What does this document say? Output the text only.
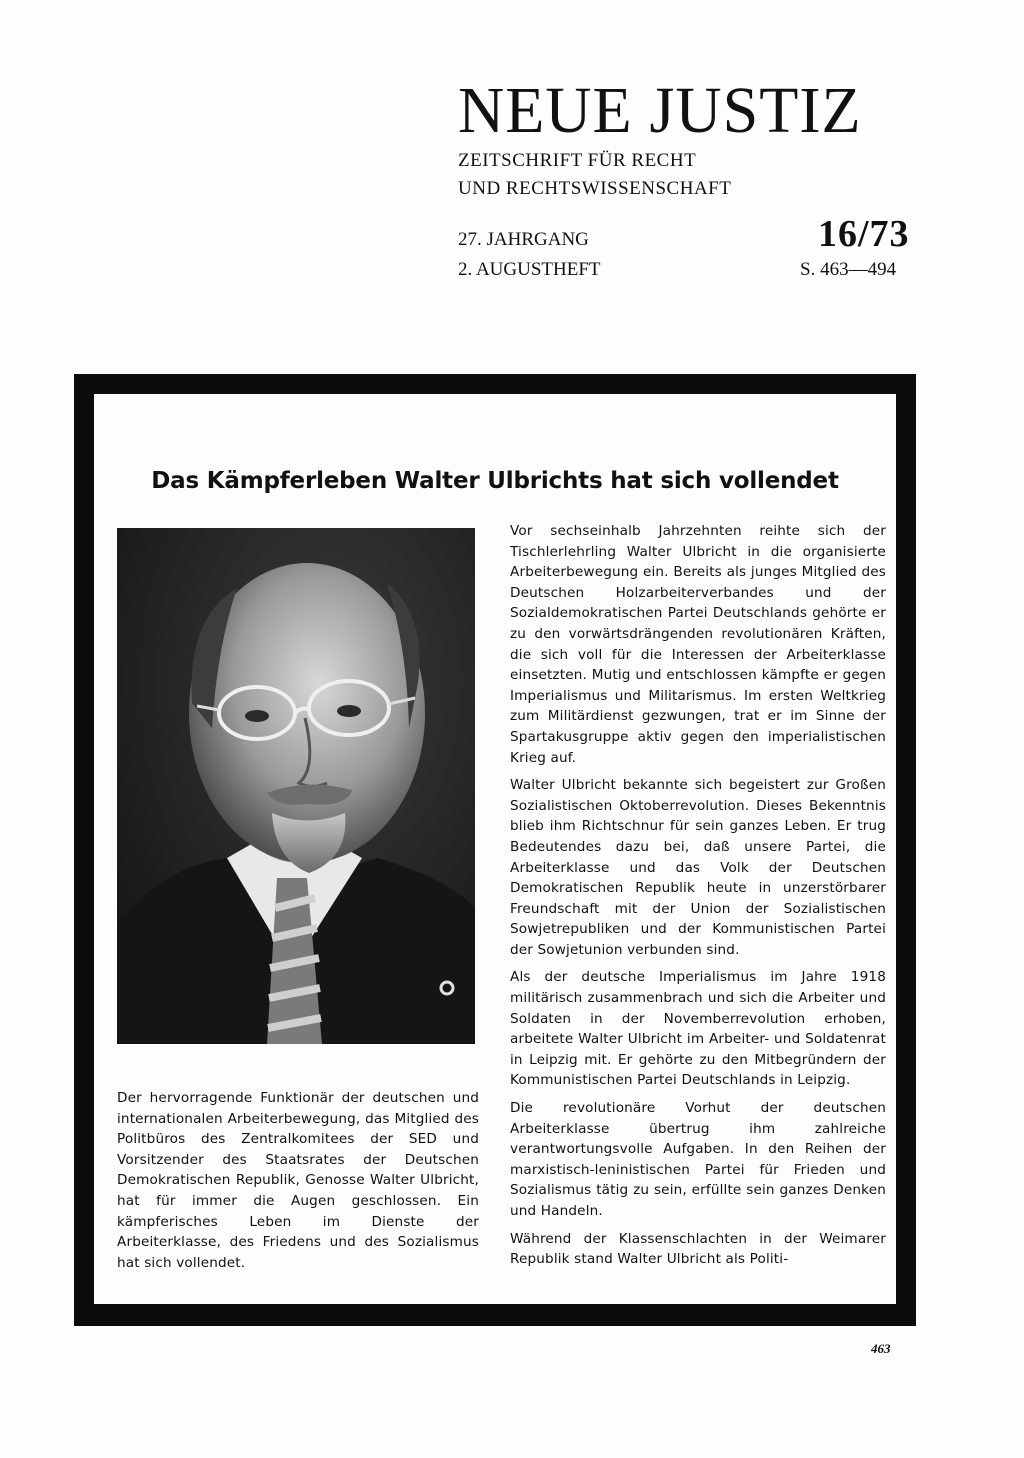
NEUE JUSTIZ
ZEITSCHRIFT FÜR RECHT
UND RECHTSWISSENSCHAFT
27. JAHRGANG
2. AUGUSTHEFT
16/73
S. 463—494
Das Kämpferleben Walter Ulbrichts hat sich vollendet

Der hervorragende Funktionär der deutschen und internationalen Arbeiterbewegung, das Mitglied des Politbüros des Zentralkomitees der SED und Vorsitzender des Staatsrates der Deutschen Demokratischen Republik, Genosse Walter Ulbricht, hat für immer die Augen geschlossen. Ein kämpferisches Leben im Dienste der Arbeiterklasse, des Friedens und des Sozialismus hat sich vollendet.

Vor sechseinhalb Jahrzehnten reihte sich der Tischlerlehrling Walter Ulbricht in die organisierte Arbeiterbewegung ein. Bereits als junges Mitglied des Deutschen Holzarbeiterverbandes und der Sozialdemokratischen Partei Deutschlands gehörte er zu den vorwärtsdrängenden revolutionären Kräften, die sich voll für die Interessen der Arbeiterklasse einsetzten. Mutig und entschlossen kämpfte er gegen Imperialismus und Militarismus. Im ersten Weltkrieg zum Militärdienst gezwungen, trat er im Sinne der Spartakusgruppe aktiv gegen den imperialistischen Krieg auf.

Walter Ulbricht bekannte sich begeistert zur Großen Sozialistischen Oktoberrevolution. Dieses Bekenntnis blieb ihm Richtschnur für sein ganzes Leben. Er trug Bedeutendes dazu bei, daß unsere Partei, die Arbeiterklasse und das Volk der Deutschen Demokratischen Republik heute in unzerstörbarer Freundschaft mit der Union der Sozialistischen Sowjetrepubliken und der Kommunistischen Partei der Sowjetunion verbunden sind.

Als der deutsche Imperialismus im Jahre 1918 militärisch zusammenbrach und sich die Arbeiter und Soldaten in der Novemberrevolution erhoben, arbeitete Walter Ulbricht im Arbeiter- und Soldatenrat in Leipzig mit. Er gehörte zu den Mitbegründern der Kommunistischen Partei Deutschlands in Leipzig.

Die revolutionäre Vorhut der deutschen Arbeiterklasse übertrug ihm zahlreiche verantwortungsvolle Aufgaben. In den Reihen der marxistisch-leninistischen Partei für Frieden und Sozialismus tätig zu sein, erfüllte sein ganzes Denken und Handeln.

Während der Klassenschlachten in der Weimarer Republik stand Walter Ulbricht als Politi-

463
